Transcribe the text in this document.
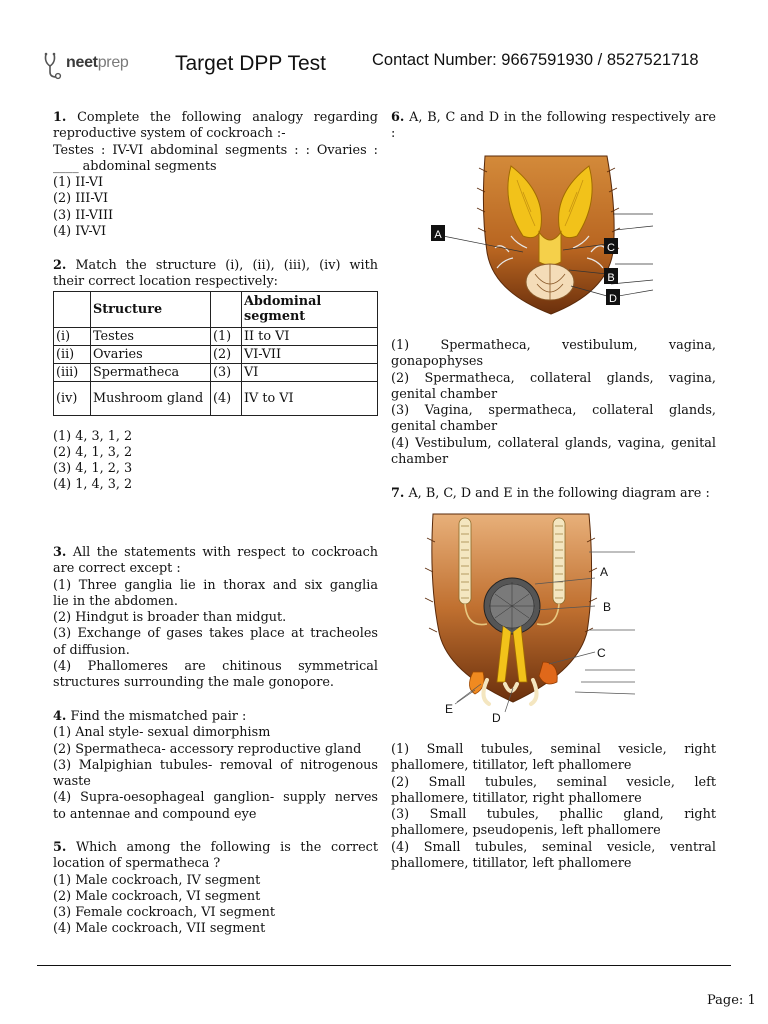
neetprep Target DPP Test	Contact Number: 9667591930 / 8527521718
1. Complete the following analogy regarding
reproductive system of cockroach :-
Testes : IV-VI abdominal segments : : Ovaries :
____ abdominal segments
(1) II-VI
(2) III-VI
(3) II-VIII
(4) IV-VI
2. Match the structure (i), (ii), (iii), (iv) with
their correct location respectively:
	Structure		Abdominal segment
(i)	Testes	(1)	II to VI
(ii)	Ovaries	(2)	VI-VII
(iii)	Spermatheca	(3)	VI
(iv)	Mushroom gland	(4)	IV to VI
(1) 4, 3, 1, 2
(2) 4, 1, 3, 2
(3) 4, 1, 2, 3
(4) 1, 4, 3, 2
3. All the statements with respect to cockroach
are correct except :
(1) Three ganglia lie in thorax and six ganglia
lie in the abdomen.
(2) Hindgut is broader than midgut.
(3) Exchange of gases takes place at tracheoles
of diffusion.
(4) Phallomeres are chitinous symmetrical
structures surrounding the male gonopore.
4. Find the mismatched pair :
(1) Anal style- sexual dimorphism
(2) Spermatheca- accessory reproductive gland
(3) Malpighian tubules- removal of nitrogenous
waste
(4) Supra-oesophageal ganglion- supply nerves
to antennae and compound eye
5. Which among the following is the correct
location of spermatheca ?
(1) Male cockroach, IV segment
(2) Male cockroach, VI segment
(3) Female cockroach, VI segment
(4) Male cockroach, VII segment
6. A, B, C and D in the following respectively are
:
A
C
B
D
(1) Spermatheca, vestibulum, vagina,
gonapophyses
(2) Spermatheca, collateral glands, vagina,
genital chamber
(3) Vagina, spermatheca, collateral glands,
genital chamber
(4) Vestibulum, collateral glands, vagina, genital
chamber
7. A, B, C, D and E in the following diagram are :
A
B
C
D
E
(1) Small tubules, seminal vesicle, right
phallomere, titillator, left phallomere
(2) Small tubules, seminal vesicle, left
phallomere, titillator, right phallomere
(3) Small tubules, phallic gland, right
phallomere, pseudopenis, left phallomere
(4) Small tubules, seminal vesicle, ventral
phallomere, titillator, left phallomere
Page: 1
